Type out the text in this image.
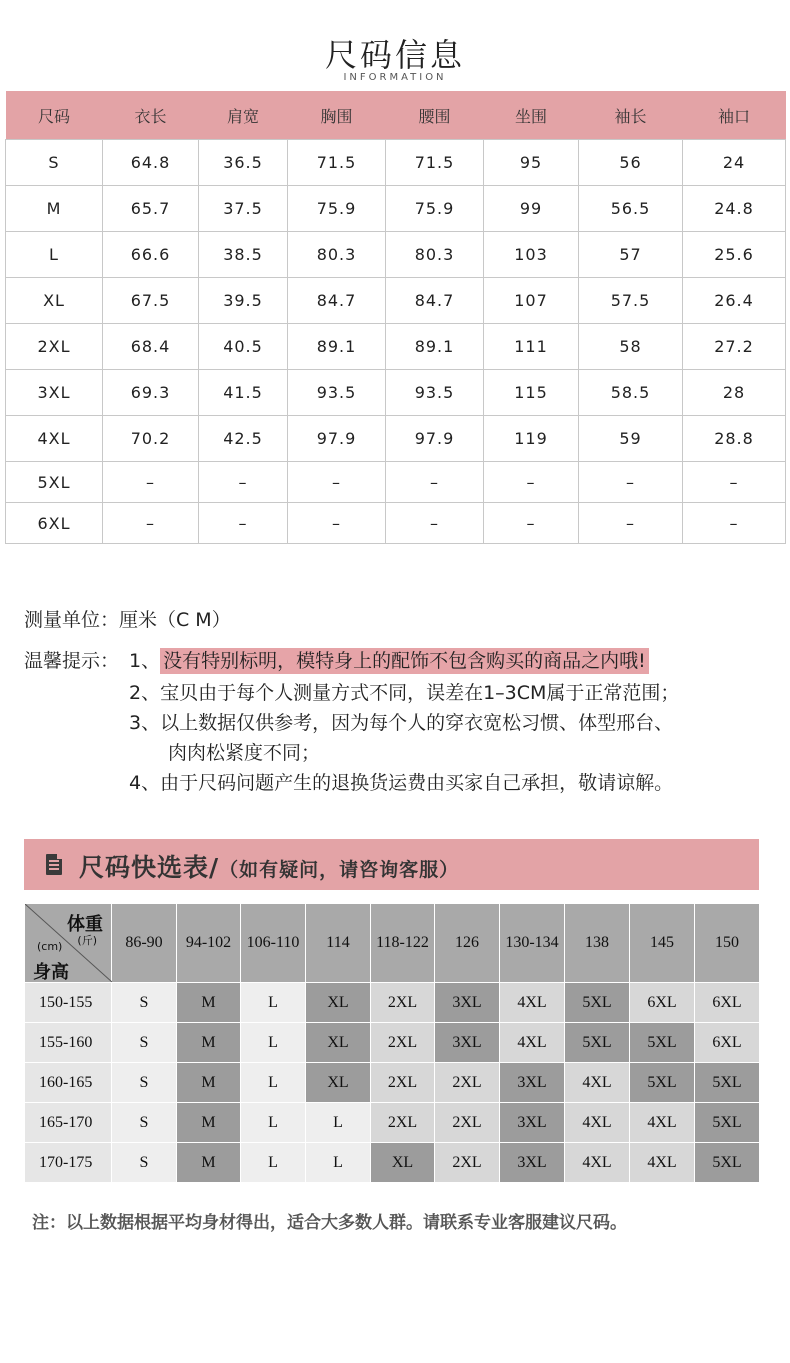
尺码信息
INFORMATION
尺码	衣长	肩宽	胸围	腰围	坐围	袖长	袖口
S	64.8	36.5	71.5	71.5	95	56	24
M	65.7	37.5	75.9	75.9	99	56.5	24.8
L	66.6	38.5	80.3	80.3	103	57	25.6
XL	67.5	39.5	84.7	84.7	107	57.5	26.4
2XL	68.4	40.5	89.1	89.1	111	58	27.2
3XL	69.3	41.5	93.5	93.5	115	58.5	28
4XL	70.2	42.5	97.9	97.9	119	59	28.8
5XL	–	–	–	–	–	–	–
6XL	–	–	–	–	–	–	–
测量单位：厘米（C M）
温馨提示： 1、 没有特别标明，模特身上的配饰不包含购买的商品之内哦!
2、宝贝由于每个人测量方式不同，误差在1–3CM属于正常范围；
3、以上数据仅供参考，因为每个人的穿衣宽松习惯、体型邢台、
肉肉松紧度不同；
4、由于尺码问题产生的退换货运费由买家自己承担，敬请谅解。
尺码快选表/（如有疑问，请咨询客服）
体重
(斤)
(cm)
身高	86-90	94-102	106-110	114	118-122	126	130-134	138	145	150
150-155	S	M	L	XL	2XL	3XL	4XL	5XL	6XL	6XL
155-160	S	M	L	XL	2XL	3XL	4XL	5XL	5XL	6XL
160-165	S	M	L	XL	2XL	2XL	3XL	4XL	5XL	5XL
165-170	S	M	L	L	2XL	2XL	3XL	4XL	4XL	5XL
170-175	S	M	L	L	XL	2XL	3XL	4XL	4XL	5XL
注：以上数据根据平均身材得出，适合大多数人群。请联系专业客服建议尺码。
